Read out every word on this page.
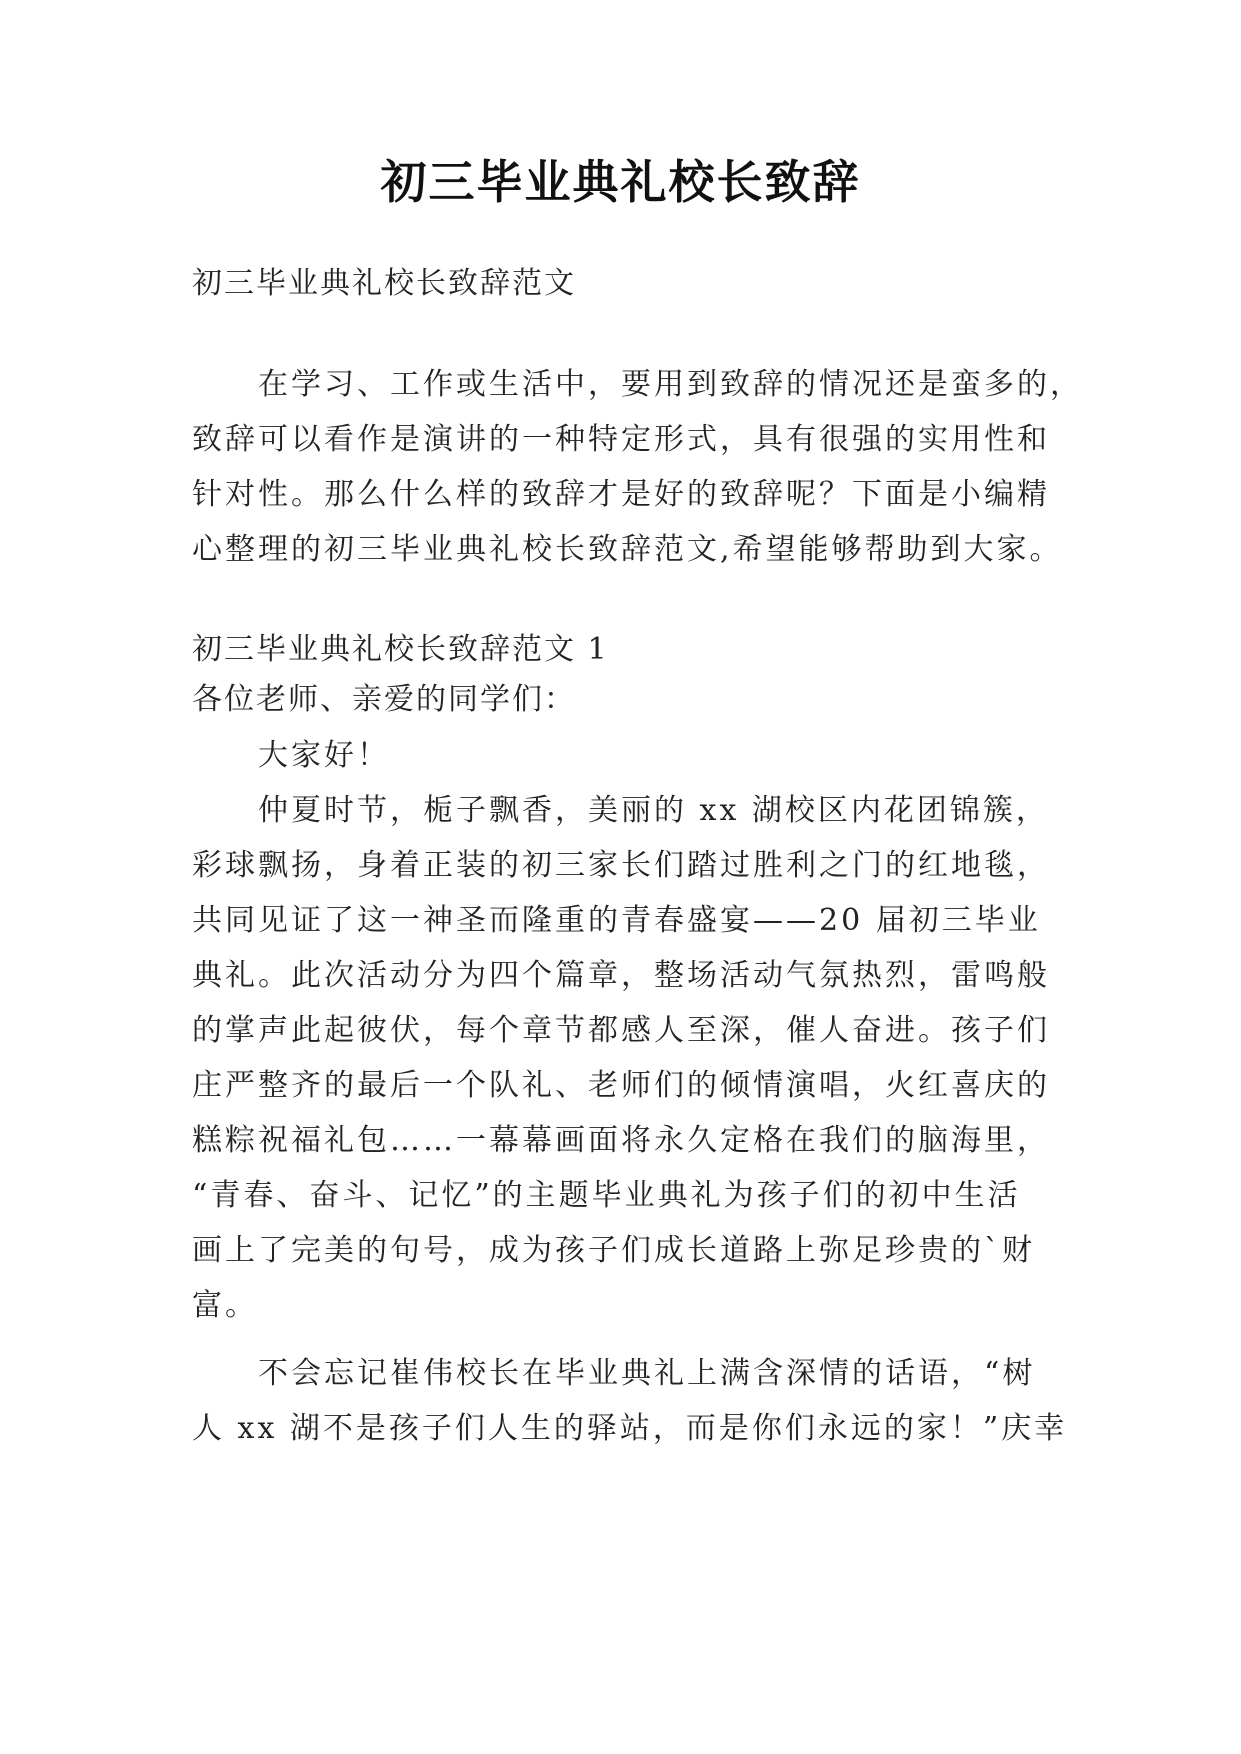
初三毕业典礼校长致辞
初三毕业典礼校长致辞范文
在学习、工作或生活中，要用到致辞的情况还是蛮多的，
致辞可以看作是演讲的一种特定形式，具有很强的实用性和
针对性。那么什么样的致辞才是好的致辞呢？下面是小编精
心整理的初三毕业典礼校长致辞范文,希望能够帮助到大家。
初三毕业典礼校长致辞范文 1
各位老师、亲爱的同学们：
大家好！
仲夏时节，栀子飘香，美丽的 xx 湖校区内花团锦簇，
彩球飘扬，身着正装的初三家长们踏过胜利之门的红地毯，
共同见证了这一神圣而隆重的青春盛宴——20 届初三毕业
典礼。此次活动分为四个篇章，整场活动气氛热烈，雷鸣般
的掌声此起彼伏，每个章节都感人至深，催人奋进。孩子们
庄严整齐的最后一个队礼、老师们的倾情演唱，火红喜庆的
糕粽祝福礼包……一幕幕画面将永久定格在我们的脑海里，
“青春、奋斗、记忆”的主题毕业典礼为孩子们的初中生活
画上了完美的句号，成为孩子们成长道路上弥足珍贵的`财
富。
不会忘记崔伟校长在毕业典礼上满含深情的话语，“树
人 xx 湖不是孩子们人生的驿站，而是你们永远的家！”庆幸
